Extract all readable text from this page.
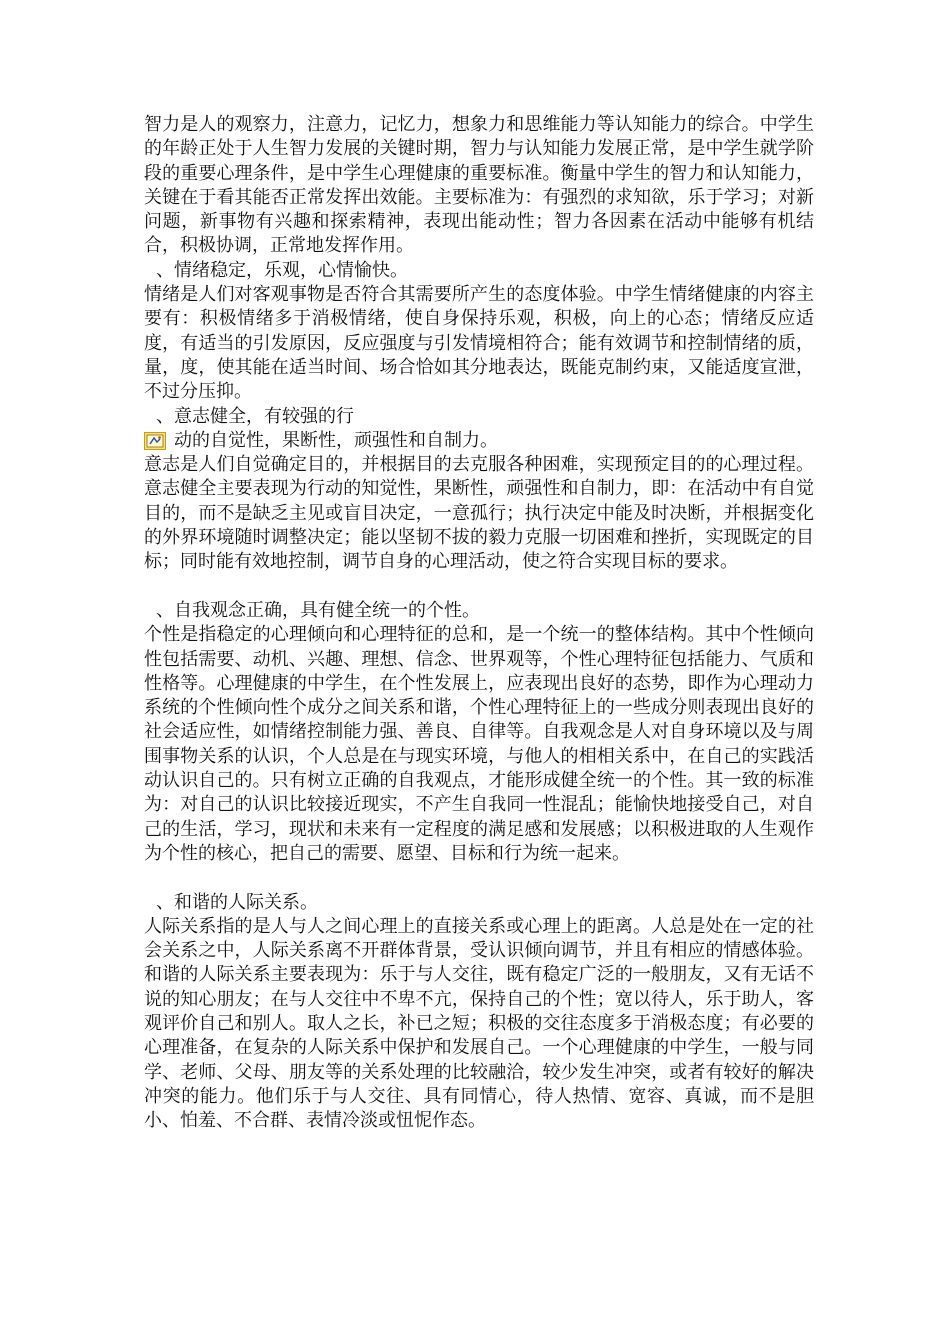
智力是人的观察力，注意力，记忆力，想象力和思维能力等认知能力的综合。中学生的年龄正处于人生智力发展的关键时期，智力与认知能力发展正常，是中学生就学阶段的重要心理条件，是中学生心理健康的重要标准。衡量中学生的智力和认知能力，关键在于看其能否正常发挥出效能。主要标准为：有强烈的求知欲，乐于学习；对新问题，新事物有兴趣和探索精神，表现出能动性；智力各因素在活动中能够有机结合，积极协调，正常地发挥作用。

、情绪稳定，乐观，心情愉快。

情绪是人们对客观事物是否符合其需要所产生的态度体验。中学生情绪健康的内容主要有：积极情绪多于消极情绪，使自身保持乐观，积极，向上的心态；情绪反应适度，有适当的引发原因，反应强度与引发情境相符合；能有效调节和控制情绪的质，量，度，使其能在适当时间、场合恰如其分地表达，既能克制约束，又能适度宣泄，不过分压抑。

、意志健全，有较强的行

动的自觉性，果断性，顽强性和自制力。

意志是人们自觉确定目的，并根据目的去克服各种困难，实现预定目的的心理过程。意志健全主要表现为行动的知觉性，果断性，顽强性和自制力，即：在活动中有自觉目的，而不是缺乏主见或盲目决定，一意孤行；执行决定中能及时决断，并根据变化的外界环境随时调整决定；能以坚韧不拔的毅力克服一切困难和挫折，实现既定的目标；同时能有效地控制，调节自身的心理活动，使之符合实现目标的要求。

、自我观念正确，具有健全统一的个性。

个性是指稳定的心理倾向和心理特征的总和，是一个统一的整体结构。其中个性倾向性包括需要、动机、兴趣、理想、信念、世界观等，个性心理特征包括能力、气质和性格等。心理健康的中学生，在个性发展上，应表现出良好的态势，即作为心理动力系统的个性倾向性个成分之间关系和谐，个性心理特征上的一些成分则表现出良好的社会适应性，如情绪控制能力强、善良、自律等。自我观念是人对自身环境以及与周围事物关系的认识，个人总是在与现实环境，与他人的相相关系中，在自己的实践活动认识自己的。只有树立正确的自我观点，才能形成健全统一的个性。其一致的标准为：对自己的认识比较接近现实，不产生自我同一性混乱；能愉快地接受自己，对自己的生活，学习，现状和未来有一定程度的满足感和发展感；以积极进取的人生观作为个性的核心，把自己的需要、愿望、目标和行为统一起来。

、和谐的人际关系。

人际关系指的是人与人之间心理上的直接关系或心理上的距离。人总是处在一定的社会关系之中，人际关系离不开群体背景，受认识倾向调节，并且有相应的情感体验。和谐的人际关系主要表现为：乐于与人交往，既有稳定广泛的一般朋友，又有无话不说的知心朋友；在与人交往中不卑不亢，保持自己的个性；宽以待人，乐于助人，客观评价自己和别人。取人之长，补已之短；积极的交往态度多于消极态度；有必要的心理准备，在复杂的人际关系中保护和发展自己。一个心理健康的中学生，一般与同学、老师、父母、朋友等的关系处理的比较融洽，较少发生冲突，或者有较好的解决冲突的能力。他们乐于与人交往、具有同情心，待人热情、宽容、真诚，而不是胆小、怕羞、不合群、表情冷淡或忸怩作态。
